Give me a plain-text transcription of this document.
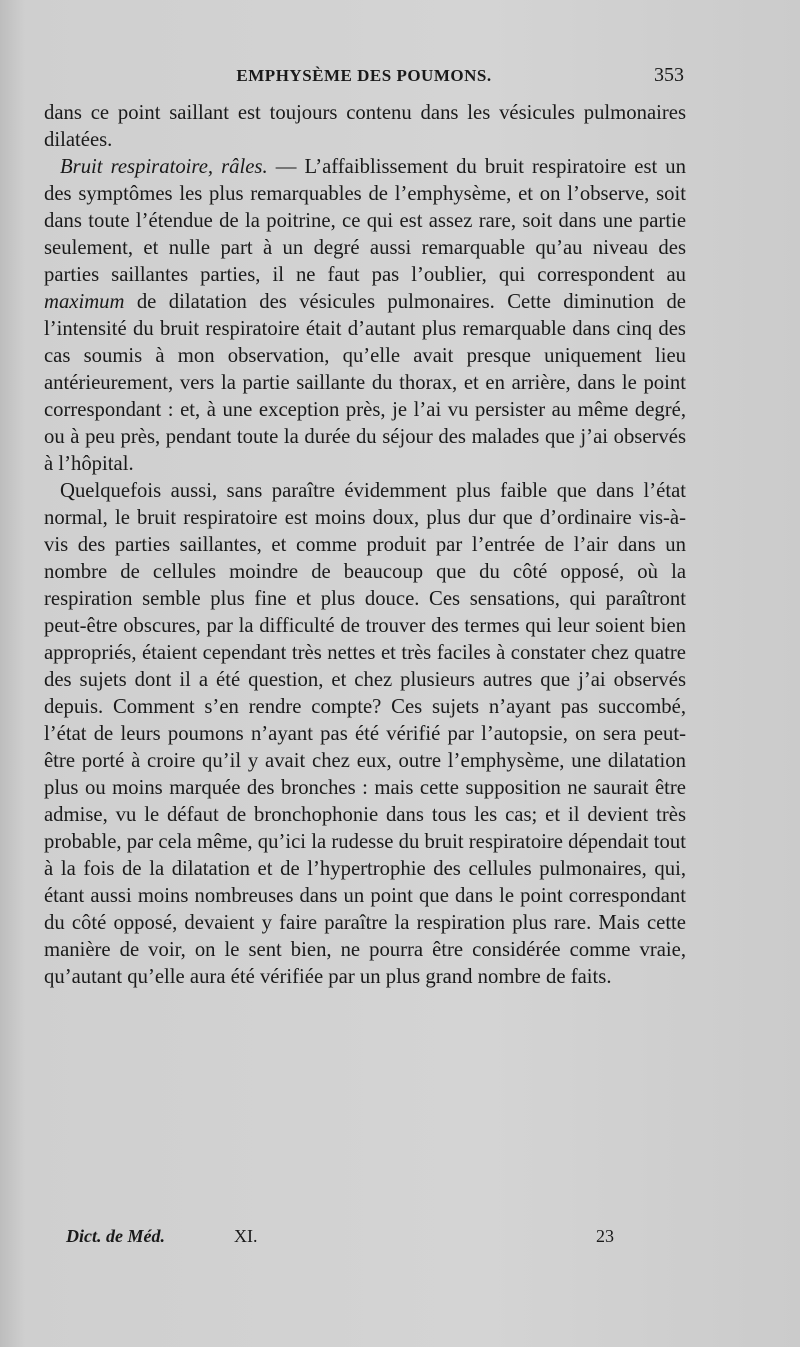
EMPHYSÈME DES POUMONS.	353

dans ce point saillant est toujours contenu dans les vésicules pulmonaires dilatées.

Bruit respiratoire, râles. — L’affaiblissement du bruit respiratoire est un des symptômes les plus remarquables de l’emphysème, et on l’observe, soit dans toute l’étendue de la poitrine, ce qui est assez rare, soit dans une partie seulement, et nulle part à un degré aussi remarquable qu’au niveau des parties saillantes parties, il ne faut pas l’oublier, qui correspondent au maximum de dilatation des vésicules pulmonaires. Cette diminution de l’intensité du bruit respiratoire était d’autant plus remarquable dans cinq des cas soumis à mon observation, qu’elle avait presque uniquement lieu antérieurement, vers la partie saillante du thorax, et en arrière, dans le point correspondant : et, à une exception près, je l’ai vu persister au même degré, ou à peu près, pendant toute la durée du séjour des malades que j’ai observés à l’hôpital.

Quelquefois aussi, sans paraître évidemment plus faible que dans l’état normal, le bruit respiratoire est moins doux, plus dur que d’ordinaire vis-à-vis des parties saillantes, et comme produit par l’entrée de l’air dans un nombre de cellules moindre de beaucoup que du côté opposé, où la respiration semble plus fine et plus douce. Ces sensations, qui paraîtront peut-être obscures, par la difficulté de trouver des termes qui leur soient bien appropriés, étaient cependant très nettes et très faciles à constater chez quatre des sujets dont il a été question, et chez plusieurs autres que j’ai observés depuis. Comment s’en rendre compte? Ces sujets n’ayant pas succombé, l’état de leurs poumons n’ayant pas été vérifié par l’autopsie, on sera peut-être porté à croire qu’il y avait chez eux, outre l’emphysème, une dilatation plus ou moins marquée des bronches : mais cette supposition ne saurait être admise, vu le défaut de bronchophonie dans tous les cas; et il devient très probable, par cela même, qu’ici la rudesse du bruit respiratoire dépendait tout à la fois de la dilatation et de l’hypertrophie des cellules pulmonaires, qui, étant aussi moins nombreuses dans un point que dans le point correspondant du côté opposé, devaient y faire paraître la respiration plus rare. Mais cette manière de voir, on le sent bien, ne pourra être considérée comme vraie, qu’autant qu’elle aura été vérifiée par un plus grand nombre de faits.

Dict. de Méd.	XI.	23
